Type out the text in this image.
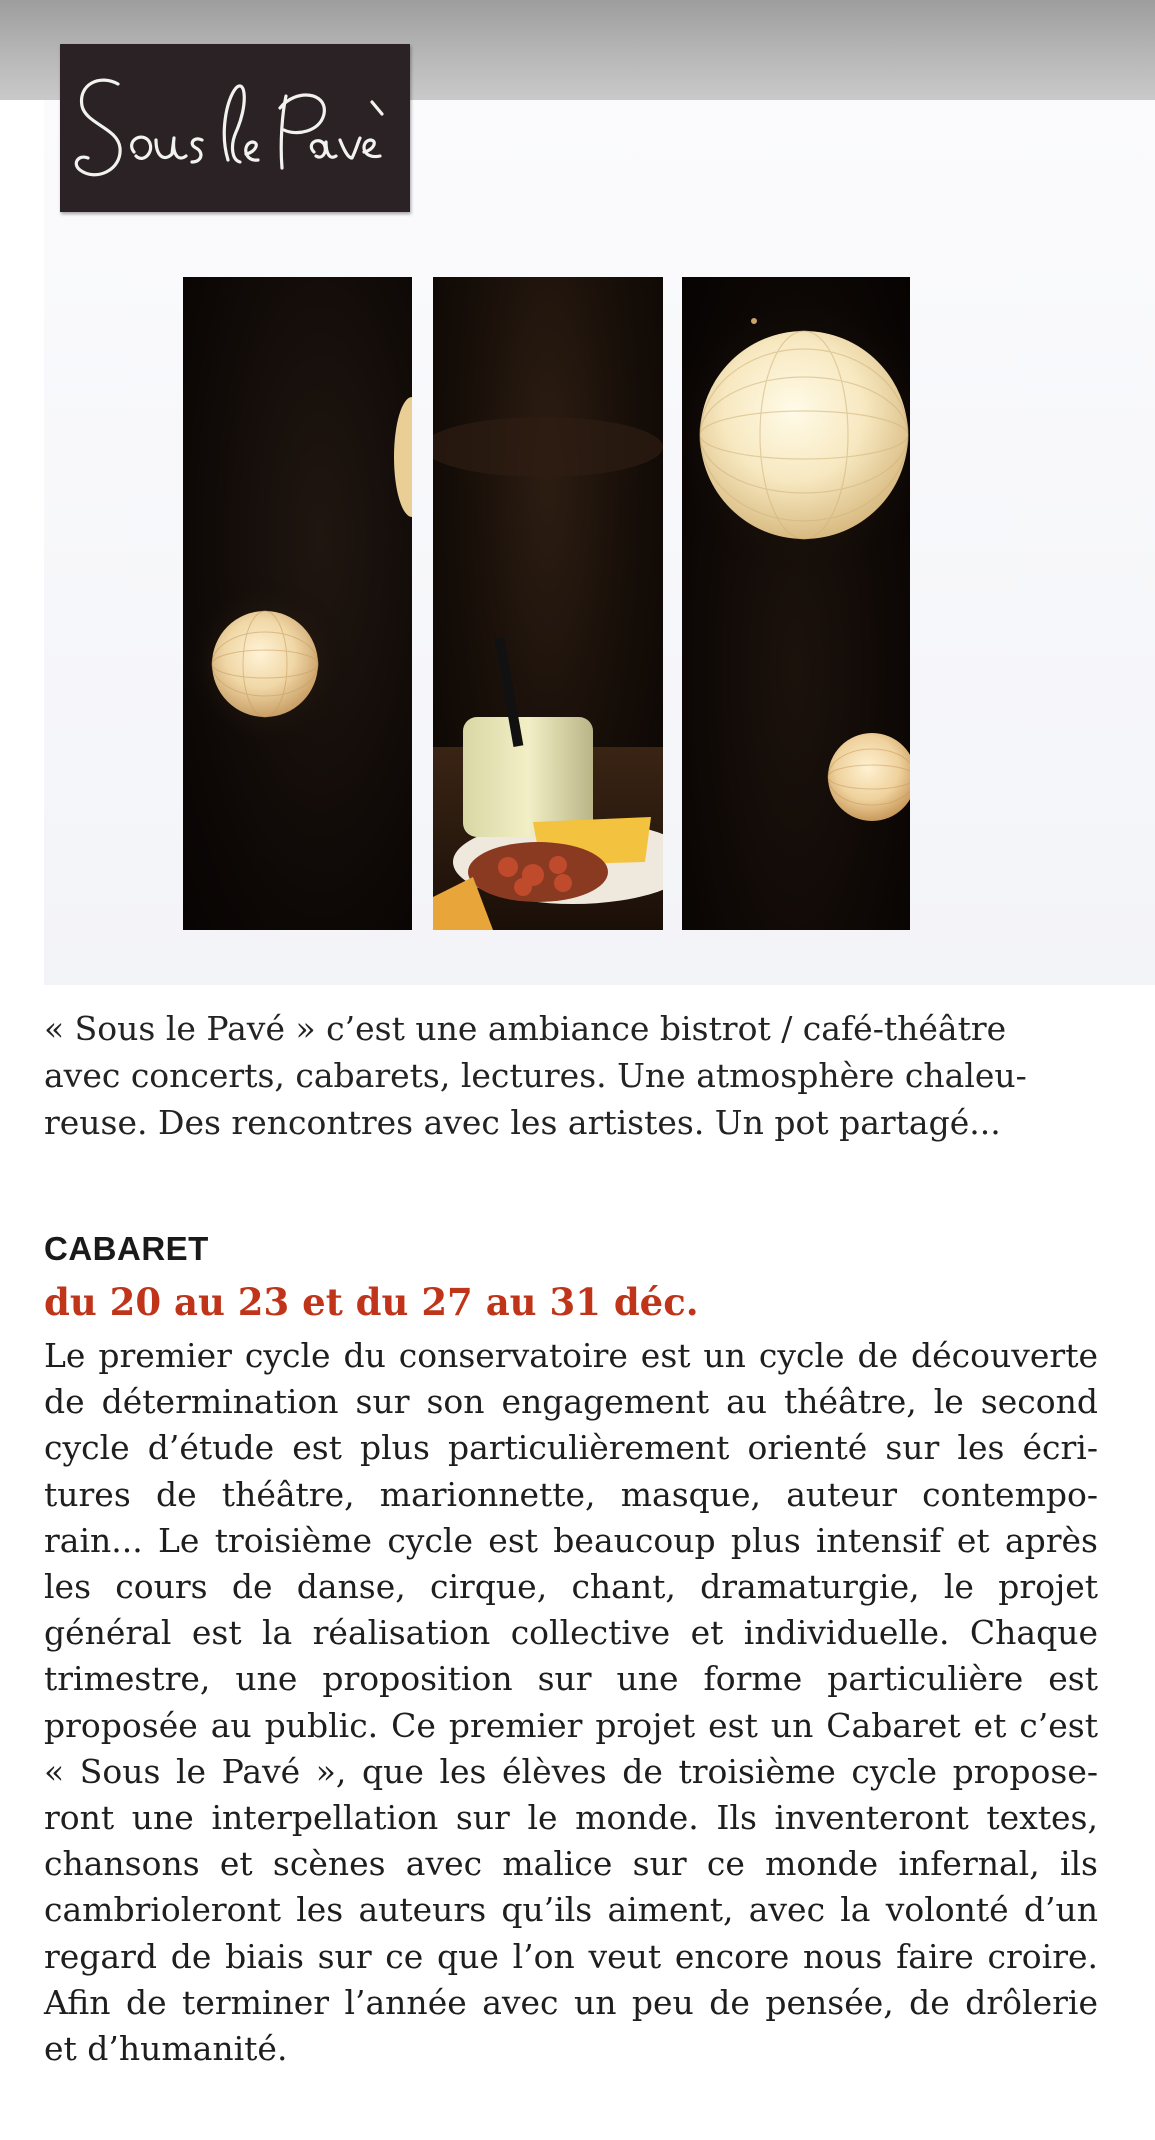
« Sous le Pavé » c’est une ambiance bistrot / café-théâtre
avec concerts, cabarets, lectures. Une atmosphère chaleu-
reuse. Des rencontres avec les artistes. Un pot partagé...

CABARET

du 20 au 23 et du 27 au 31 déc.

Le premier cycle du conservatoire est un cycle de découverte
de détermination sur son engagement au théâtre, le second
cycle d’étude est plus particulièrement orienté sur les écri-
tures de théâtre, marionnette, masque, auteur contempo-
rain... Le troisième cycle est beaucoup plus intensif et après
les cours de danse, cirque, chant, dramaturgie, le projet
général est la réalisation collective et individuelle. Chaque
trimestre, une proposition sur une forme particulière est
proposée au public. Ce premier projet est un Cabaret et c’est
« Sous le Pavé », que les élèves de troisième cycle propose-
ront une interpellation sur le monde. Ils inventeront textes,
chansons et scènes avec malice sur ce monde infernal, ils
cambrioleront les auteurs qu’ils aiment, avec la volonté d’un
regard de biais sur ce que l’on veut encore nous faire croire.
Afin de terminer l’année avec un peu de pensée, de drôlerie
et d’humanité.
